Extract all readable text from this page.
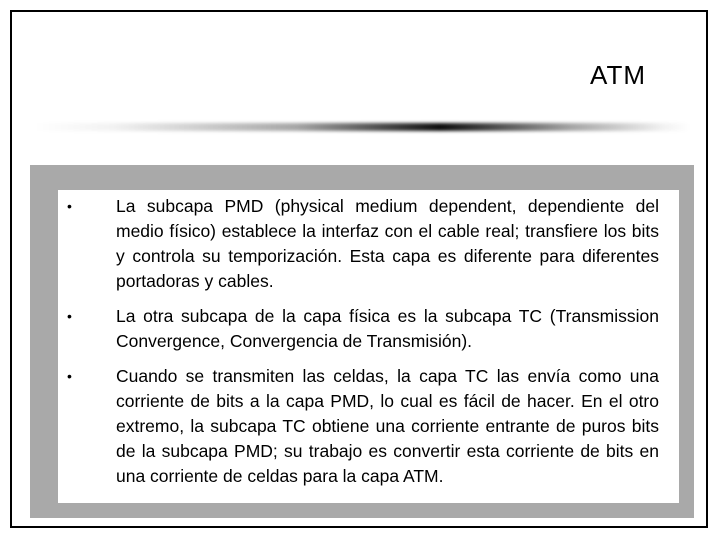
ATM
•	La subcapa PMD (physical medium dependent, dependiente del medio físico) establece la interfaz con el cable real; transfiere los bits y controla su temporización. Esta capa es diferente para diferentes portadoras y cables.
•	La otra subcapa de la capa física es la subcapa TC (Transmission Convergence, Convergencia de Transmisión).
•	Cuando se transmiten las celdas, la capa TC las envía como una corriente de bits a la capa PMD, lo cual es fácil de hacer. En el otro extremo, la subcapa TC obtiene una corriente entrante de puros bits de la subcapa PMD; su trabajo es convertir esta corriente de bits en una corriente de celdas para la capa ATM.
